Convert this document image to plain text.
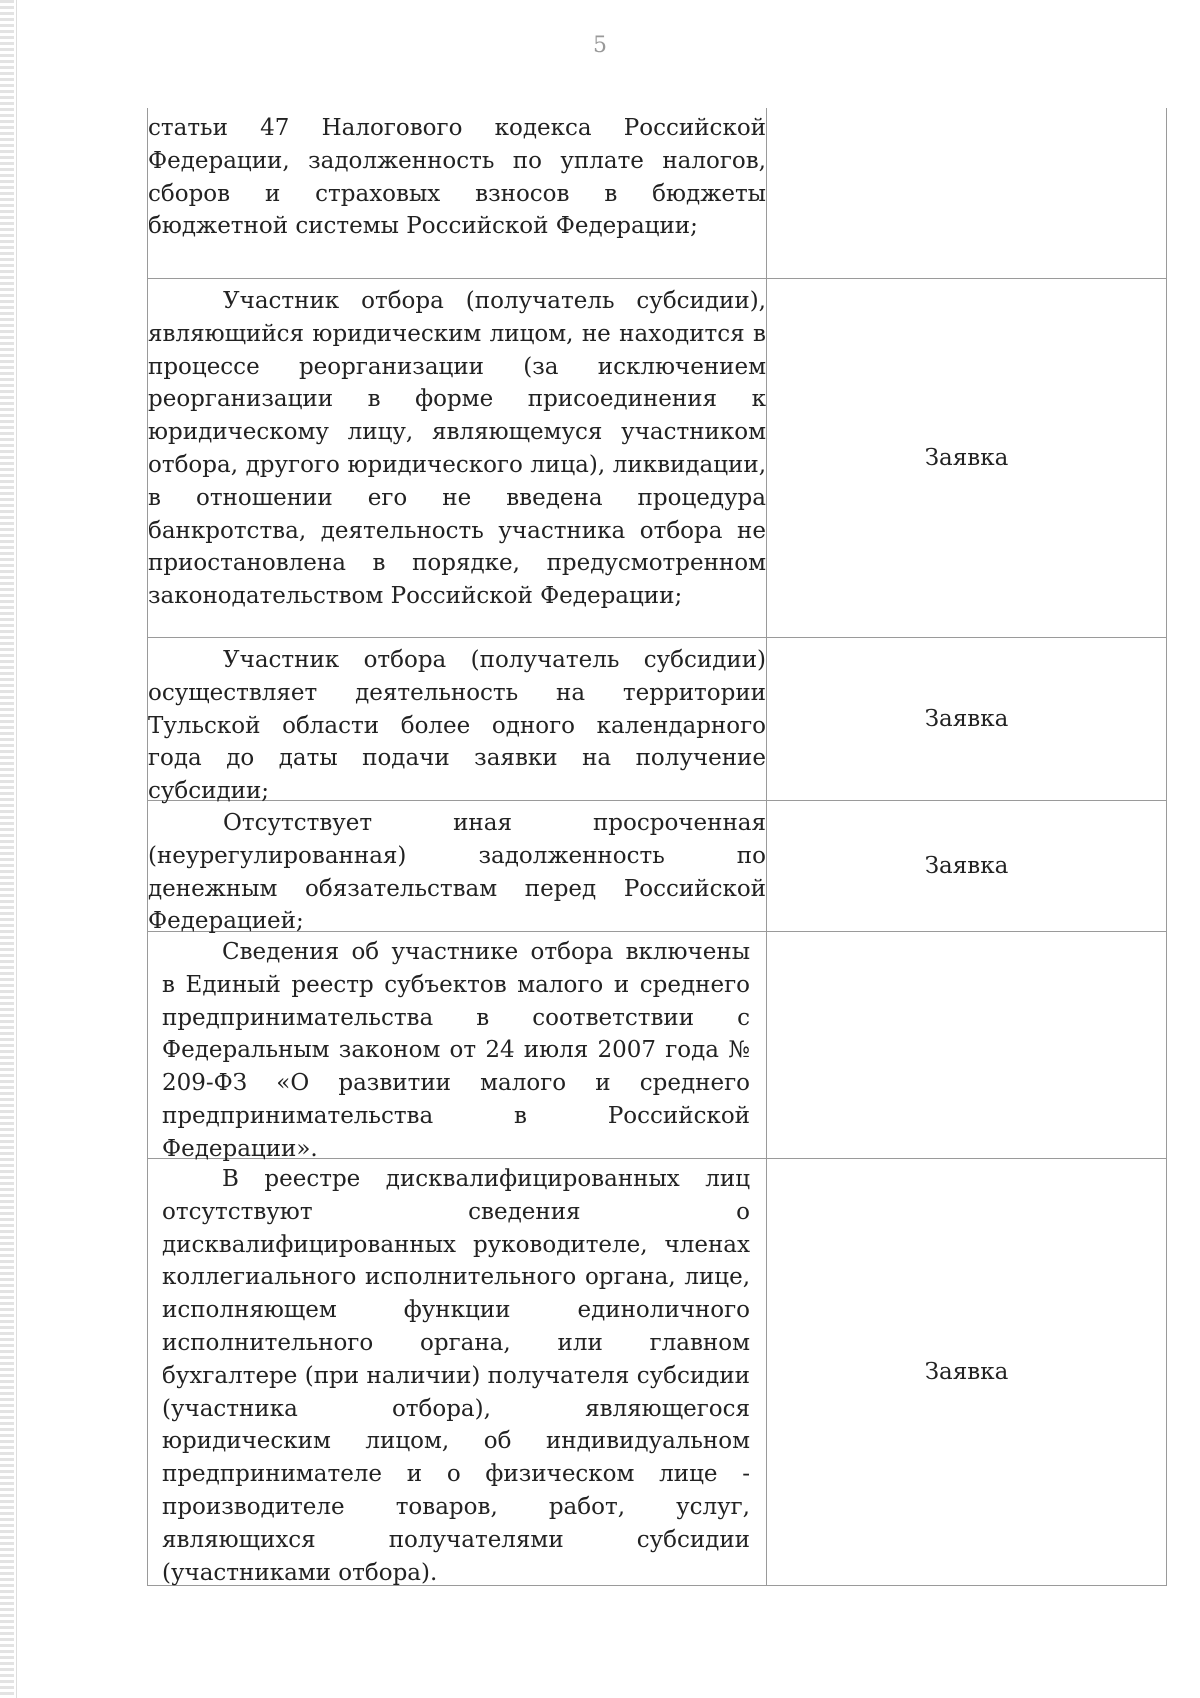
5

статьи 47 Налогового кодекса Российской Федерации, задолженность по уплате налогов, сборов и страховых взносов в бюджеты бюджетной системы Российской Федерации;

Участник отбора (получатель субсидии), являющийся юридическим лицом, не находится в процессе реорганизации (за исключением реорганизации в форме присоединения к юридическому лицу, являющемуся участником отбора, другого юридического лица), ликвидации, в отношении его не введена процедура банкротства, деятельность участника отбора не приостановлена в порядке, предусмотренном законодательством Российской Федерации;

Заявка

Участник отбора (получатель субсидии) осуществляет деятельность на территории Тульской области более одного календарного года до даты подачи заявки на получение субсидии;

Заявка

Отсутствует иная просроченная (неурегулированная) задолженность по денежным обязательствам перед Российской Федерацией;

Заявка

Сведения об участнике отбора включены в Единый реестр субъектов малого и среднего предпринимательства в соответствии с Федеральным законом от 24 июля 2007 года № 209-ФЗ «О развитии малого и среднего предпринимательства в Российской Федерации».

В реестре дисквалифицированных лиц отсутствуют сведения о дисквалифицированных руководителе, членах коллегиального исполнительного органа, лице, исполняющем функции единоличного исполнительного органа, или главном бухгалтере (при наличии) получателя субсидии (участника отбора), являющегося юридическим лицом, об индивидуальном предпринимателе и о физическом лице - производителе товаров, работ, услуг, являющихся получателями субсидии (участниками отбора).

Заявка
